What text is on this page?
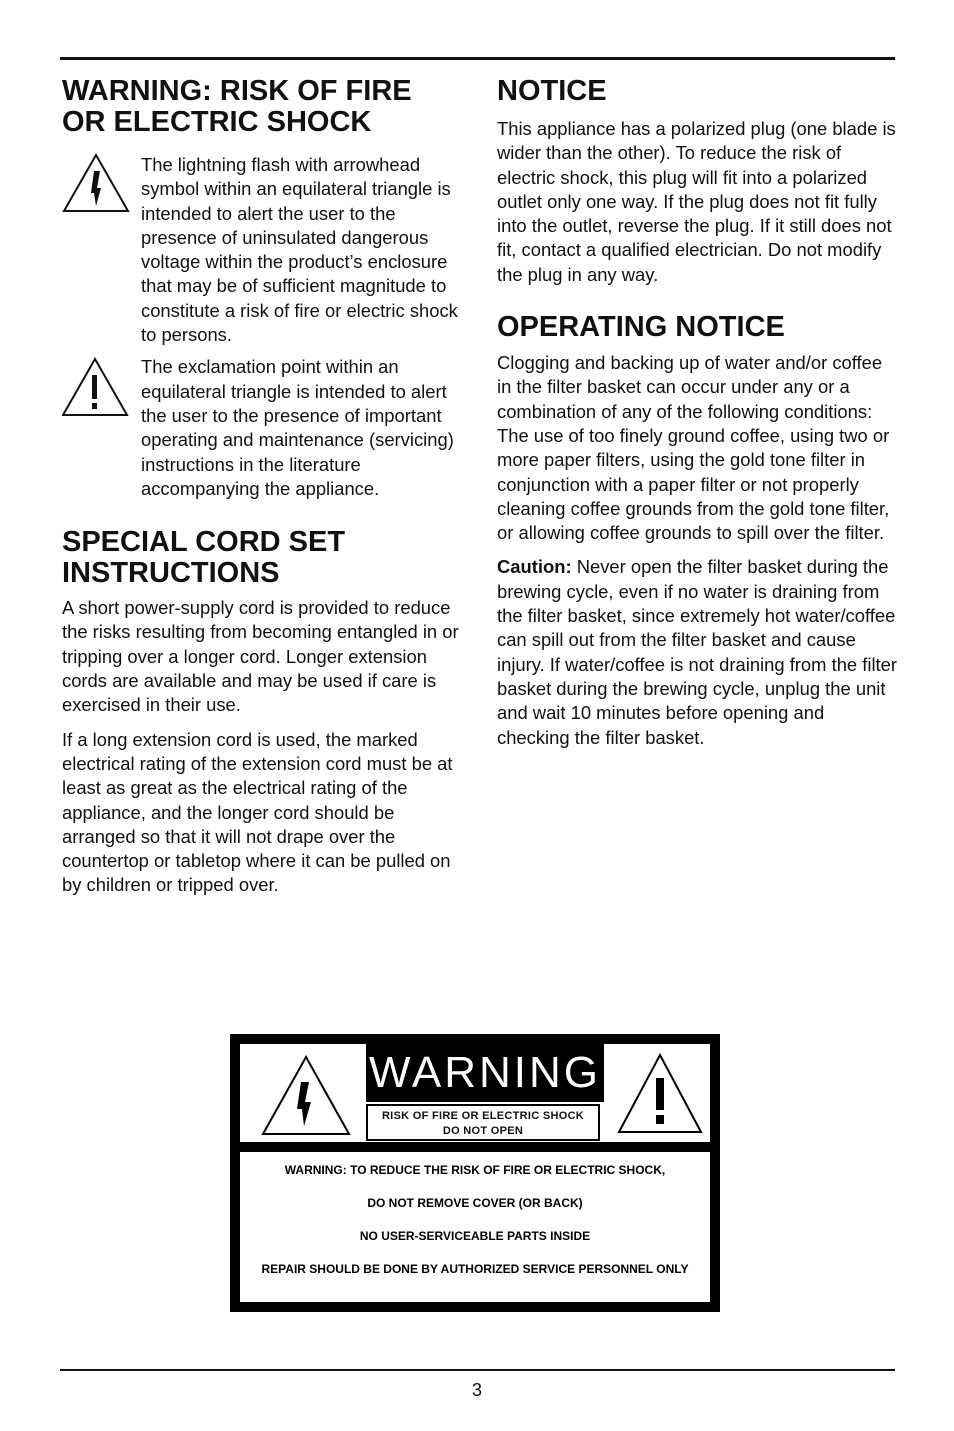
WARNING: RISK OF FIRE OR ELECTRIC SHOCK

The lightning flash with arrowhead symbol within an equilateral triangle is intended to alert the user to the presence of uninsulated dangerous voltage within the product’s enclosure that may be of sufficient magnitude to constitute a risk of fire or electric shock to persons.

The exclamation point within an equilateral triangle is intended to alert the user to the presence of important operating and maintenance (servicing) instructions in the literature accompanying the appliance.

SPECIAL CORD SET INSTRUCTIONS

A short power-supply cord is provided to reduce the risks resulting from becoming entangled in or tripping over a longer cord. Longer extension cords are available and may be used if care is exercised in their use.

If a long extension cord is used, the marked electrical rating of the extension cord must be at least as great as the electrical rating of the appliance, and the longer cord should be arranged so that it will not drape over the countertop or tabletop where it can be pulled on by children or tripped over.

NOTICE

This appliance has a polarized plug (one blade is wider than the other). To reduce the risk of electric shock, this plug will fit into a polarized outlet only one way. If the plug does not fit fully into the outlet, reverse the plug. If it still does not fit, contact a qualified electrician. Do not modify the plug in any way.

OPERATING NOTICE

Clogging and backing up of water and/or coffee in the filter basket can occur under any or a combination of any of the following conditions: The use of too finely ground coffee, using two or more paper filters, using the gold tone filter in conjunction with a paper filter or not properly cleaning coffee grounds from the gold tone filter, or allowing coffee grounds to spill over the filter.

Caution: Never open the filter basket during the brewing cycle, even if no water is draining from the filter basket, since extremely hot water/coffee can spill out from the filter basket and cause injury. If water/coffee is not draining from the filter basket during the brewing cycle, unplug the unit and wait 10 minutes before opening and checking the filter basket.

WARNING
RISK OF FIRE OR ELECTRIC SHOCK
DO NOT OPEN
WARNING: TO REDUCE THE RISK OF FIRE OR ELECTRIC SHOCK,
DO NOT REMOVE COVER (OR BACK)
NO USER-SERVICEABLE PARTS INSIDE
REPAIR SHOULD BE DONE BY AUTHORIZED SERVICE PERSONNEL ONLY
3
